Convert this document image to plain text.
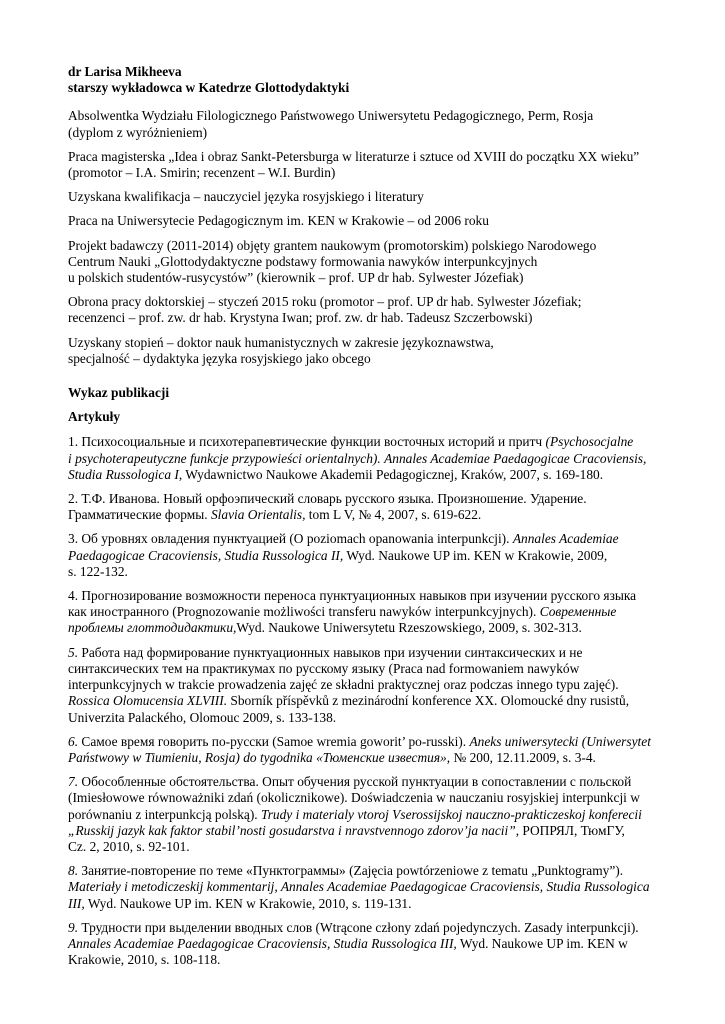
dr Larisa Mikheeva
starszy wykładowca w Katedrze Glottodydaktyki

Absolwentka Wydziału Filologicznego Państwowego Uniwersytetu Pedagogicznego, Perm, Rosja
(dyplom z wyróżnieniem)

Praca magisterska „Idea i obraz Sankt-Petersburga w literaturze i sztuce od XVIII do początku XX wieku”
(promotor – I.A. Smirin; recenzent – W.I. Burdin)

Uzyskana kwalifikacja – nauczyciel języka rosyjskiego i literatury

Praca na Uniwersytecie Pedagogicznym im. KEN w Krakowie – od 2006 roku

Projekt badawczy (2011-2014) objęty grantem naukowym (promotorskim) polskiego Narodowego
Centrum Nauki „Glottodydaktyczne podstawy formowania nawyków interpunkcyjnych
u polskich studentów-rusycystów” (kierownik – prof. UP dr hab. Sylwester Józefiak)

Obrona pracy doktorskiej – styczeń 2015 roku (promotor – prof. UP dr hab. Sylwester Józefiak;
recenzenci – prof. zw. dr hab. Krystyna Iwan; prof. zw. dr hab. Tadeusz Szczerbowski)

Uzyskany stopień – doktor nauk humanistycznych w zakresie językoznawstwa,
specjalność – dydaktyka języka rosyjskiego jako obcego

Wykaz publikacji
Artykuły

1. Психосоциальные и психотерапевтические функции восточных историй и притч (Psychosocjalne
i psychoterapeutyczne funkcje przypowieści orientalnych). Annales Academiae Paedagogicae Cracoviensis,
Studia Russologica I, Wydawnictwo Naukowe Akademii Pedagogicznej, Kraków, 2007, s. 169-180.

2. Т.Ф. Иванова. Новый орфоэпический словарь русского языка. Произношение. Ударение.
Грамматические формы. Slavia Orientalis, tom L V, № 4, 2007, s. 619-622.

3. Об уровнях овладения пунктуацией (O poziomach opanowania interpunkcji). Annales Academiae
Paedagogicae Cracoviensis, Studia Russologica II, Wyd. Naukowe UP im. KEN w Krakowie, 2009,
s. 122-132.

4. Прогнозирование возможности переноса пунктуационных навыков при изучении русского языка
как иностранного (Prognozowanie możliwości transferu nawyków interpunkcyjnych). Современные
проблемы глоттодидактики,Wyd. Naukowe Uniwersytetu Rzeszowskiego, 2009, s. 302-313.

5. Работа над формирование пунктуационных навыков при изучении синтаксических и не
синтаксических тем на практикумах по русскому языку (Praca nad formowaniem nawyków
interpunkcyjnych w trakcie prowadzenia zajęć ze składni praktycznej oraz podczas innego typu zajęć).
Rossica Olomucensia XLVIII. Sborník příspěvků z mezinárodní konference XX. Olomoucké dny rusistů,
Univerzita Palackého, Olomouc 2009, s. 133-138.

6. Самое время говорить по-русски (Samoe wremia goworit’ po-russki). Aneks uniwersytecki (Uniwersytet
Państwowy w Tiumieniu, Rosja) do tygodnika «Тюменские известия», № 200, 12.11.2009, s. 3-4.

7. Обособленные обстоятельства. Опыт обучения русской пунктуации в сопоставлении с польской
(Imiesłowowe równoważniki zdań (okolicznikowe). Doświadczenia w nauczaniu rosyjskiej interpunkcji w
porównaniu z interpunkcją polską). Trudy i materialy vtoroj Vserossijskoj nauczno-prakticzeskoj konferecii
„Russkij jazyk kak faktor stabil’nosti gosudarstva i nravstvennogo zdorov’ja nacii”, РОПРЯЛ, ТюмГУ,
Cz. 2, 2010, s. 92-101.

8. Занятие-повторение по теме «Пунктограммы» (Zajęcia powtórzeniowe z tematu „Punktogramy”).
Materiały i metodiczeskij kommentarij, Annales Academiae Paedagogicae Cracoviensis, Studia Russologica
III, Wyd. Naukowe UP im. KEN w Krakowie, 2010, s. 119-131.

9. Трудности при выделении вводных слов (Wtrącone człony zdań pojedynczych. Zasady interpunkcji).
Annales Academiae Paedagogicae Cracoviensis, Studia Russologica III, Wyd. Naukowe UP im. KEN w
Krakowie, 2010, s. 108-118.
